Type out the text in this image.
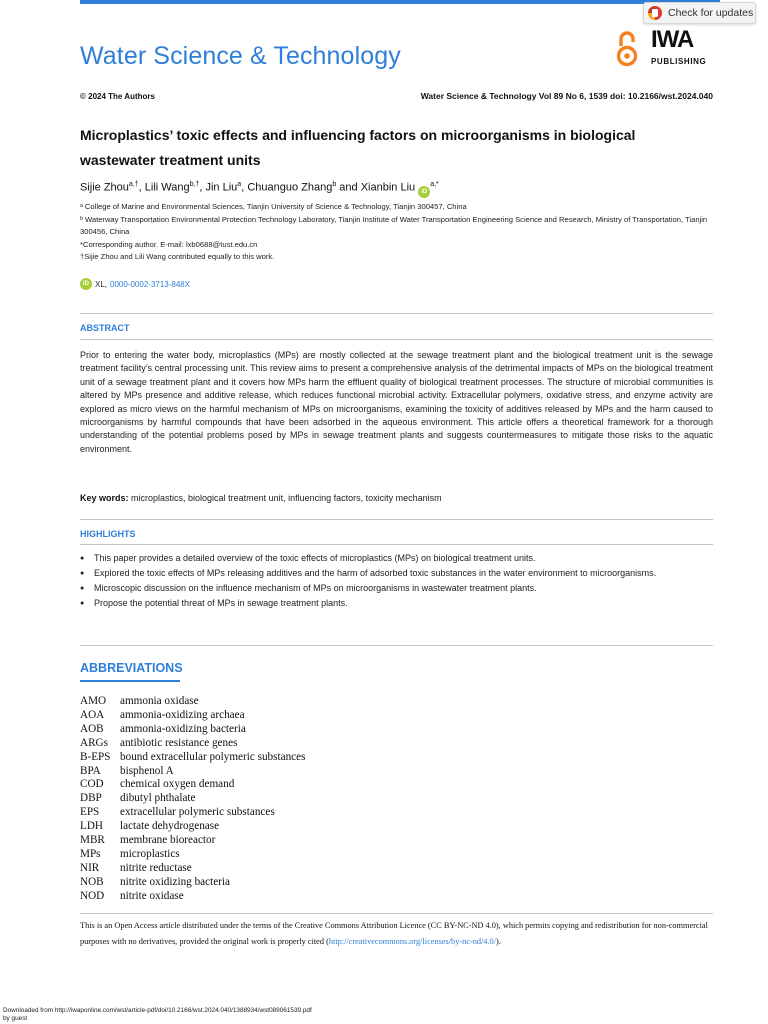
Check for updates
Water Science & Technology
IWA
PUBLISHING
© 2024 The Authors	Water Science & Technology Vol 89 No 6, 1539 doi: 10.2166/wst.2024.040
Microplastics’ toxic effects and influencing factors on microorganisms in biological wastewater treatment units
Sijie Zhou$^{a,\dagger}$, Lili Wang$^{b,\dagger}$, Jin Liu$^a$, Chuanguo Zhang$^b$ and Xianbin Liu $iD^{a,*}$

ᵃ College of Marine and Environmental Sciences, Tianjin University of Science & Technology, Tianjin 300457, China

ᵇ Waterway Transportation Environmental Protection Technology Laboratory, Tianjin Institute of Water Transportation Engineering Science and Research, Ministry of Transportation, Tianjin 300456, China

*Corresponding author. E-mail: lxb0688@tust.edu.cn

†Sijie Zhou and Lili Wang contributed equally to this work.

iD XL, 0000-0002-3713-848X
ABSTRACT

Prior to entering the water body, microplastics (MPs) are mostly collected at the sewage treatment plant and the biological treatment unit is the sewage treatment facility’s central processing unit. This review aims to present a comprehensive analysis of the detrimental impacts of MPs on the biological treatment unit of a sewage treatment plant and it covers how MPs harm the effluent quality of biological treatment processes. The structure of microbial communities is altered by MPs presence and additive release, which reduces functional microbial activity. Extracellular polymers, oxidative stress, and enzyme activity are explored as micro views on the harmful mechanism of MPs on microorganisms, examining the toxicity of additives released by MPs and the harm caused to microorganisms by harmful compounds that have been adsorbed in the aqueous environment. This article offers a theoretical framework for a thorough understanding of the potential problems posed by MPs in sewage treatment plants and suggests countermeasures to mitigate those risks to the aquatic environment.

Key words: microplastics, biological treatment unit, influencing factors, toxicity mechanism
HIGHLIGHTS
● This paper provides a detailed overview of the toxic effects of microplastics (MPs) on biological treatment units.
● Explored the toxic effects of MPs releasing additives and the harm of adsorbed toxic substances in the water environment to microorganisms.
● Microscopic discussion on the influence mechanism of MPs on microorganisms in wastewater treatment plants.
● Propose the potential threat of MPs in sewage treatment plants.
ABBREVIATIONS
AMO	ammonia oxidase
AOA	ammonia-oxidizing archaea
AOB	ammonia-oxidizing bacteria
ARGs	antibiotic resistance genes
B-EPS	bound extracellular polymeric substances
BPA	bisphenol A
COD	chemical oxygen demand
DBP	dibutyl phthalate
EPS	extracellular polymeric substances
LDH	lactate dehydrogenase
MBR	membrane bioreactor
MPs	microplastics
NIR	nitrite reductase
NOB	nitrite oxidizing bacteria
NOD	nitrite oxidase

This is an Open Access article distributed under the terms of the Creative Commons Attribution Licence (CC BY-NC-ND 4.0), which permits copying and redistribution for non-commercial purposes with no derivatives, provided the original work is properly cited (http://creativecommons.org/licenses/by-nc-nd/4.0/).

Downloaded from http://iwaponline.com/wst/article-pdf/doi/10.2166/wst.2024.040/1388934/wst089061539.pdf
by guest
